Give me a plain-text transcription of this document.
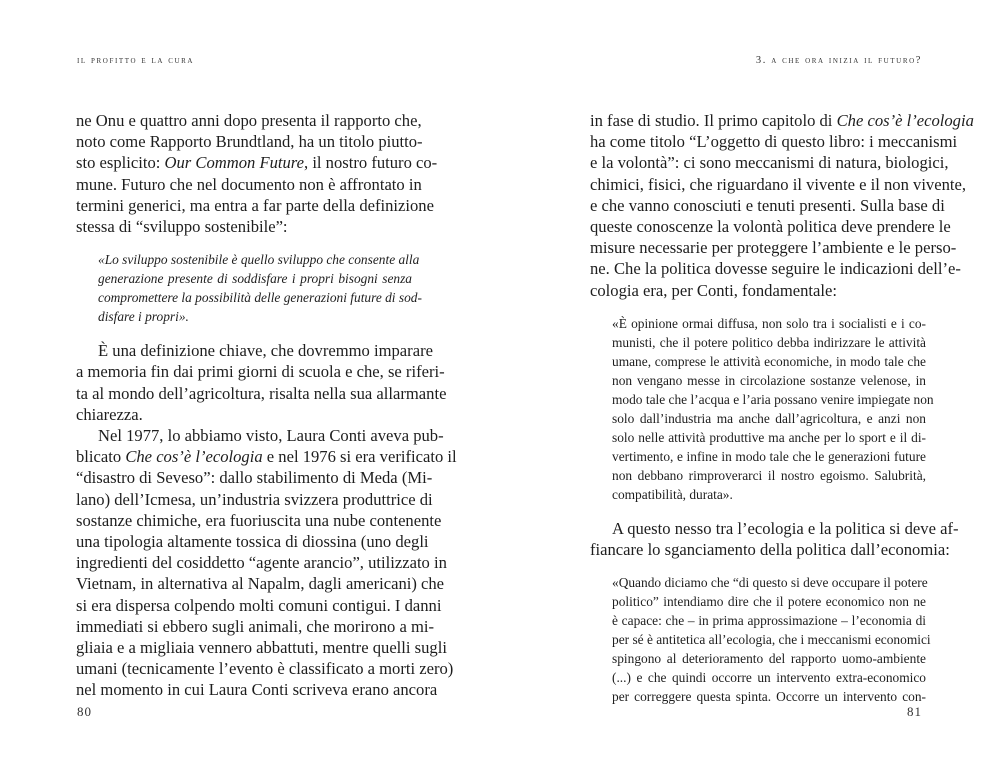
il profitto e la cura

ne Onu e quattro anni dopo presenta il rapporto che,
noto come Rapporto Brundtland, ha un titolo piutto-
sto esplicito: Our Common Future, il nostro futuro co-
mune. Futuro che nel documento non è affrontato in
termini generici, ma entra a far parte della definizione
stessa di “sviluppo sostenibile”:

«Lo sviluppo sostenibile è quello sviluppo che consente alla
generazione presente di soddisfare i propri bisogni senza
compromettere la possibilità delle generazioni future di sod-
disfare i propri».

È una definizione chiave, che dovremmo imparare
a memoria fin dai primi giorni di scuola e che, se riferi-
ta al mondo dell’agricoltura, risalta nella sua allarmante
chiarezza.

Nel 1977, lo abbiamo visto, Laura Conti aveva pub-
blicato Che cos’è l’ecologia e nel 1976 si era verificato il
“disastro di Seveso”: dallo stabilimento di Meda (Mi-
lano) dell’Icmesa, un’industria svizzera produttrice di
sostanze chimiche, era fuoriuscita una nube contenente
una tipologia altamente tossica di diossina (uno degli
ingredienti del cosiddetto “agente arancio”, utilizzato in
Vietnam, in alternativa al Napalm, dagli americani) che
si era dispersa colpendo molti comuni contigui. I danni
immediati si ebbero sugli animali, che morirono a mi-
gliaia e a migliaia vennero abbattuti, mentre quelli sugli
umani (tecnicamente l’evento è classificato a morti zero)
nel momento in cui Laura Conti scriveva erano ancora

80
3. a che ora inizia il futuro?

in fase di studio. Il primo capitolo di Che cos’è l’ecologia
ha come titolo “L’oggetto di questo libro: i meccanismi
e la volontà”: ci sono meccanismi di natura, biologici,
chimici, fisici, che riguardano il vivente e il non vivente,
e che vanno conosciuti e tenuti presenti. Sulla base di
queste conoscenze la volontà politica deve prendere le
misure necessarie per proteggere l’ambiente e le perso-
ne. Che la politica dovesse seguire le indicazioni dell’e-
cologia era, per Conti, fondamentale:

«È opinione ormai diffusa, non solo tra i socialisti e i co-
munisti, che il potere politico debba indirizzare le attività
umane, comprese le attività economiche, in modo tale che
non vengano messe in circolazione sostanze velenose, in
modo tale che l’acqua e l’aria possano venire impiegate non
solo dall’industria ma anche dall’agricoltura, e anzi non
solo nelle attività produttive ma anche per lo sport e il di-
vertimento, e infine in modo tale che le generazioni future
non debbano rimproverarci il nostro egoismo. Salubrità,
compatibilità, durata».

A questo nesso tra l’ecologia e la politica si deve af-
fiancare lo sganciamento della politica dall’economia:

«Quando diciamo che “di questo si deve occupare il potere
politico” intendiamo dire che il potere economico non ne
è capace: che – in prima approssimazione – l’economia di
per sé è antitetica all’ecologia, che i meccanismi economici
spingono al deterioramento del rapporto uomo-ambiente
(...) e che quindi occorre un intervento extra-economico
per correggere questa spinta. Occorre un intervento con-
81
